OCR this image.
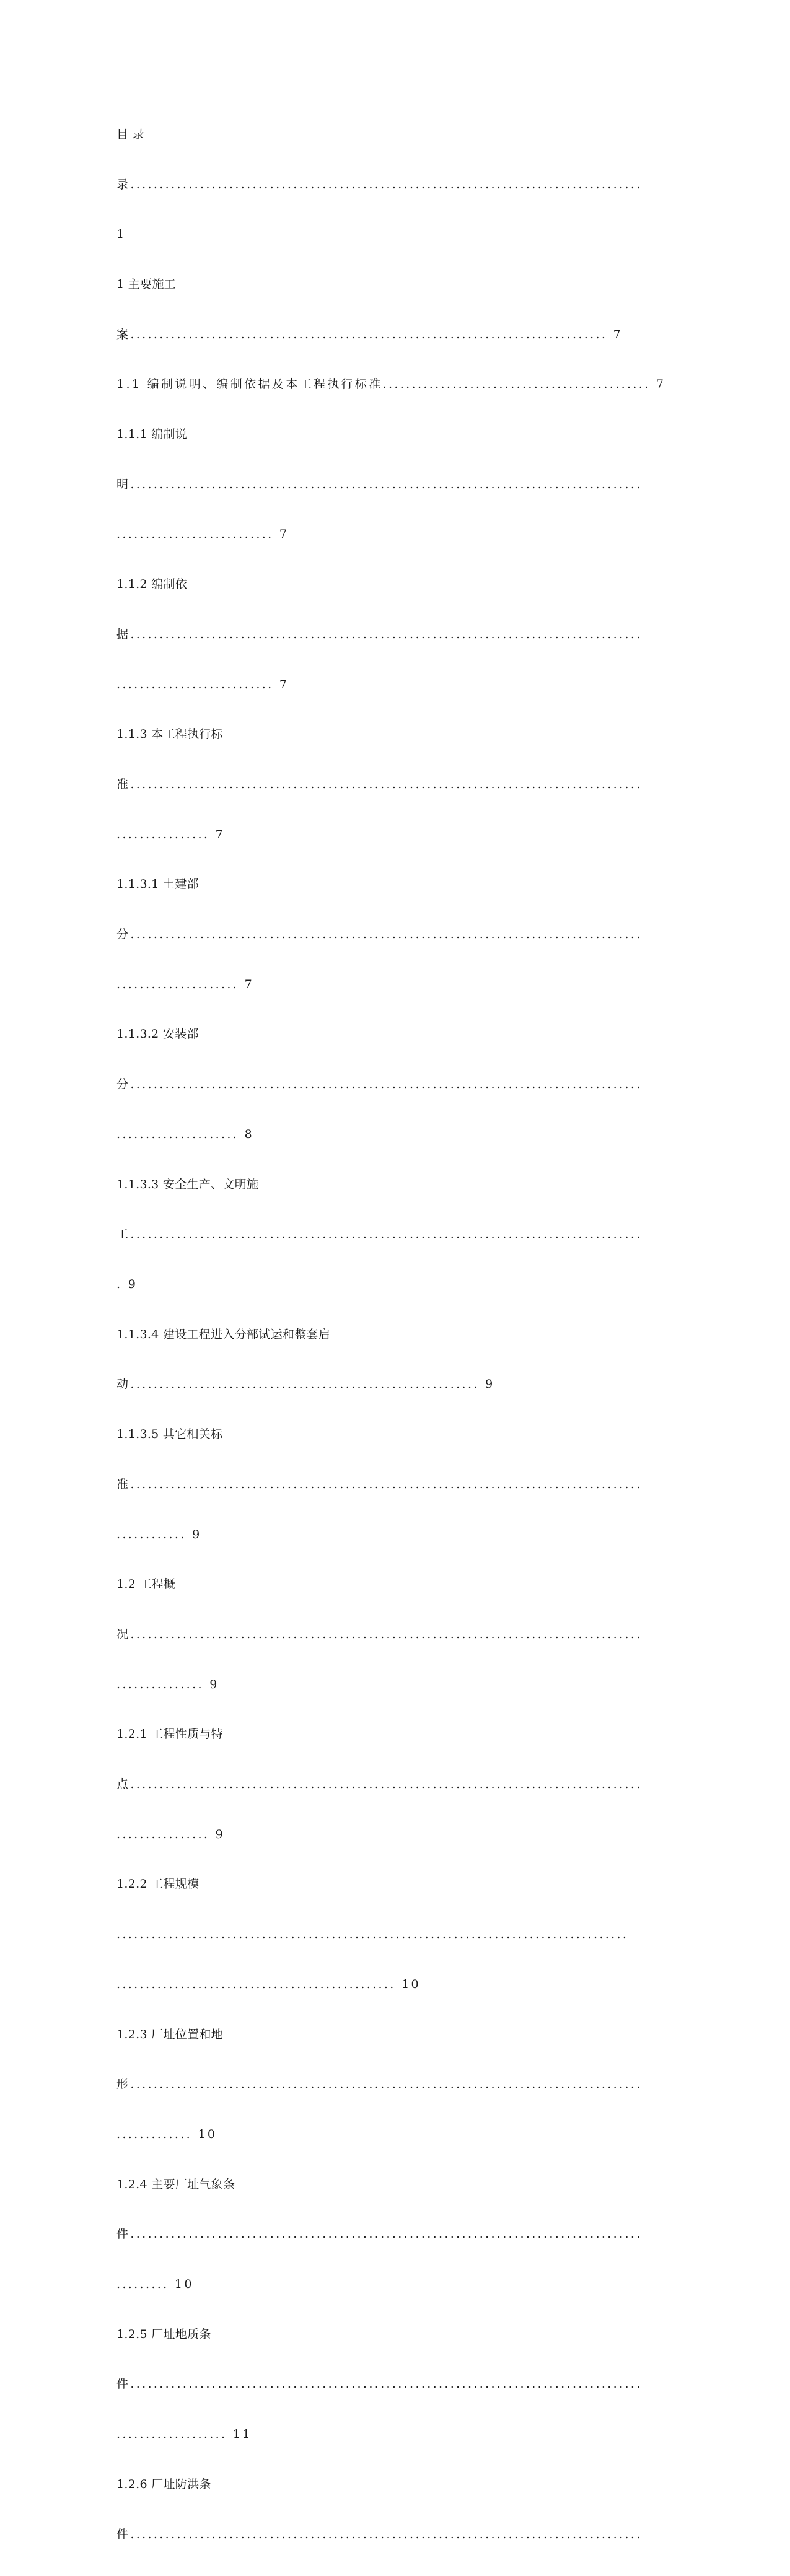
目 录

录........................................................................................

1

1 主要施工

案.................................................................................. 7

1.1 编制说明、编制依据及本工程执行标准.............................................. 7

1.1.1 编制说

明........................................................................................

........................... 7

1.1.2 编制依

据........................................................................................

........................... 7

1.1.3 本工程执行标

准........................................................................................

................ 7

1.1.3.1 土建部

分........................................................................................

..................... 7

1.1.3.2 安装部

分........................................................................................

..................... 8

1.1.3.3 安全生产、文明施

工........................................................................................

. 9

1.1.3.4 建设工程进入分部试运和整套启

动............................................................ 9

1.1.3.5 其它相关标

准........................................................................................

............ 9

1.2 工程概

况........................................................................................

............... 9

1.2.1 工程性质与特

点........................................................................................

................ 9

1.2.2 工程规模

........................................................................................

................................................ 10

1.2.3 厂址位置和地

形........................................................................................

............. 10

1.2.4 主要厂址气象条

件........................................................................................

......... 10

1.2.5 厂址地质条

件........................................................................................

................... 11

1.2.6 厂址防洪条

件........................................................................................
